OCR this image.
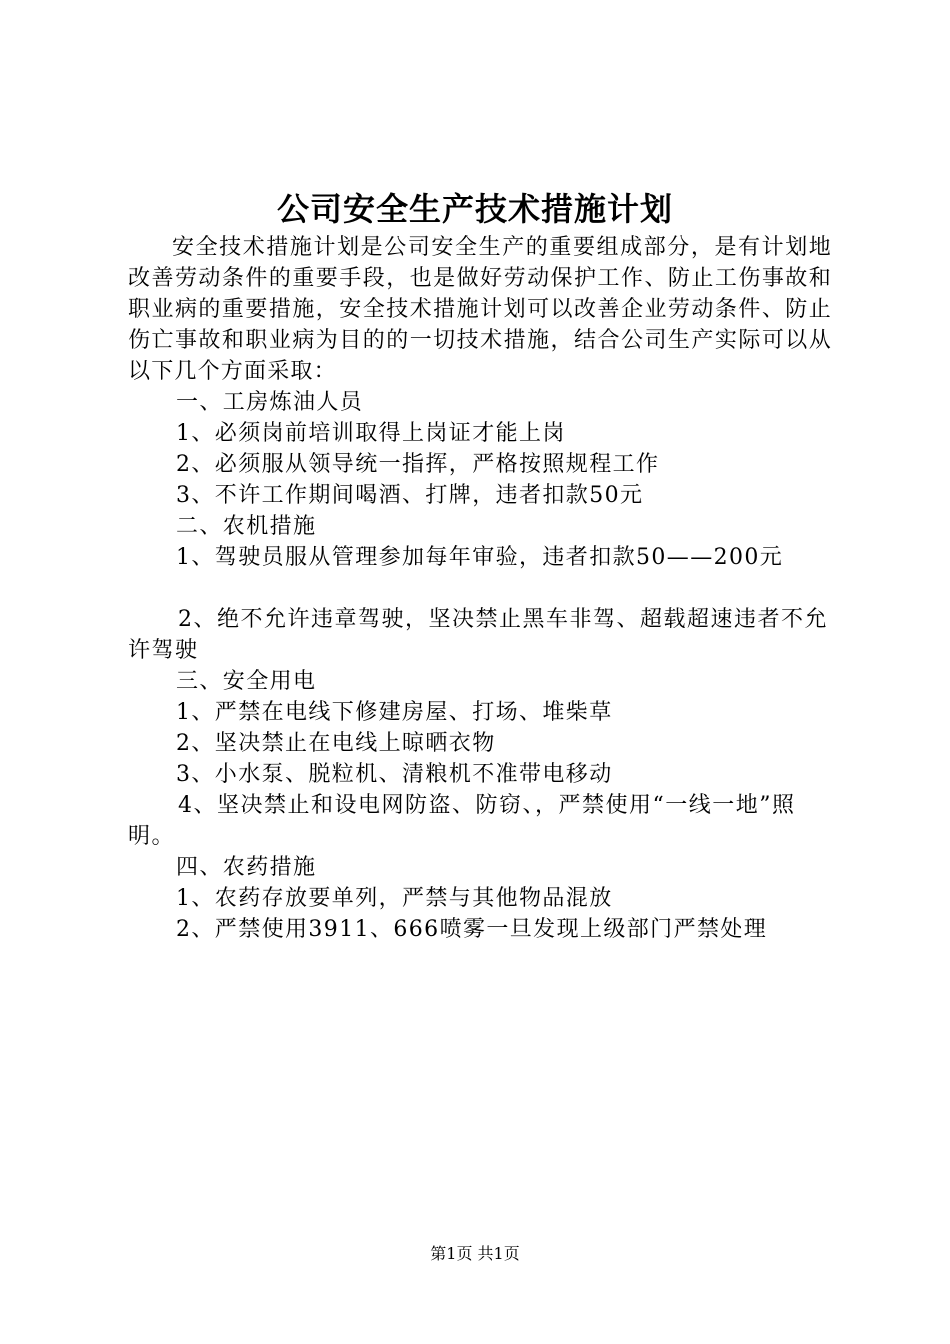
公司安全生产技术措施计划

安全技术措施计划是公司安全生产的重要组成部分，是有计划地改善劳动条件的重要手段，也是做好劳动保护工作、防止工伤事故和职业病的重要措施，安全技术措施计划可以改善企业劳动条件、防止伤亡事故和职业病为目的的一切技术措施，结合公司生产实际可以从以下几个方面采取：

一、工房炼油人员

1、必须岗前培训取得上岗证才能上岗

2、必须服从领导统一指挥，严格按照规程工作

3、不许工作期间喝酒、打牌，违者扣款50元

二、农机措施

1、驾驶员服从管理参加每年审验，违者扣款50——200元

2、绝不允许违章驾驶，坚决禁止黑车非驾、超载超速违者不允许驾驶

三、安全用电

1、严禁在电线下修建房屋、打场、堆柴草

2、坚决禁止在电线上晾晒衣物

3、小水泵、脱粒机、清粮机不准带电移动

4、坚决禁止和设电网防盗、防窃、，严禁使用“一线一地”照明。

四、农药措施

1、农药存放要单列，严禁与其他物品混放

2、严禁使用3911、666喷雾一旦发现上级部门严禁处理

第1页 共1页
